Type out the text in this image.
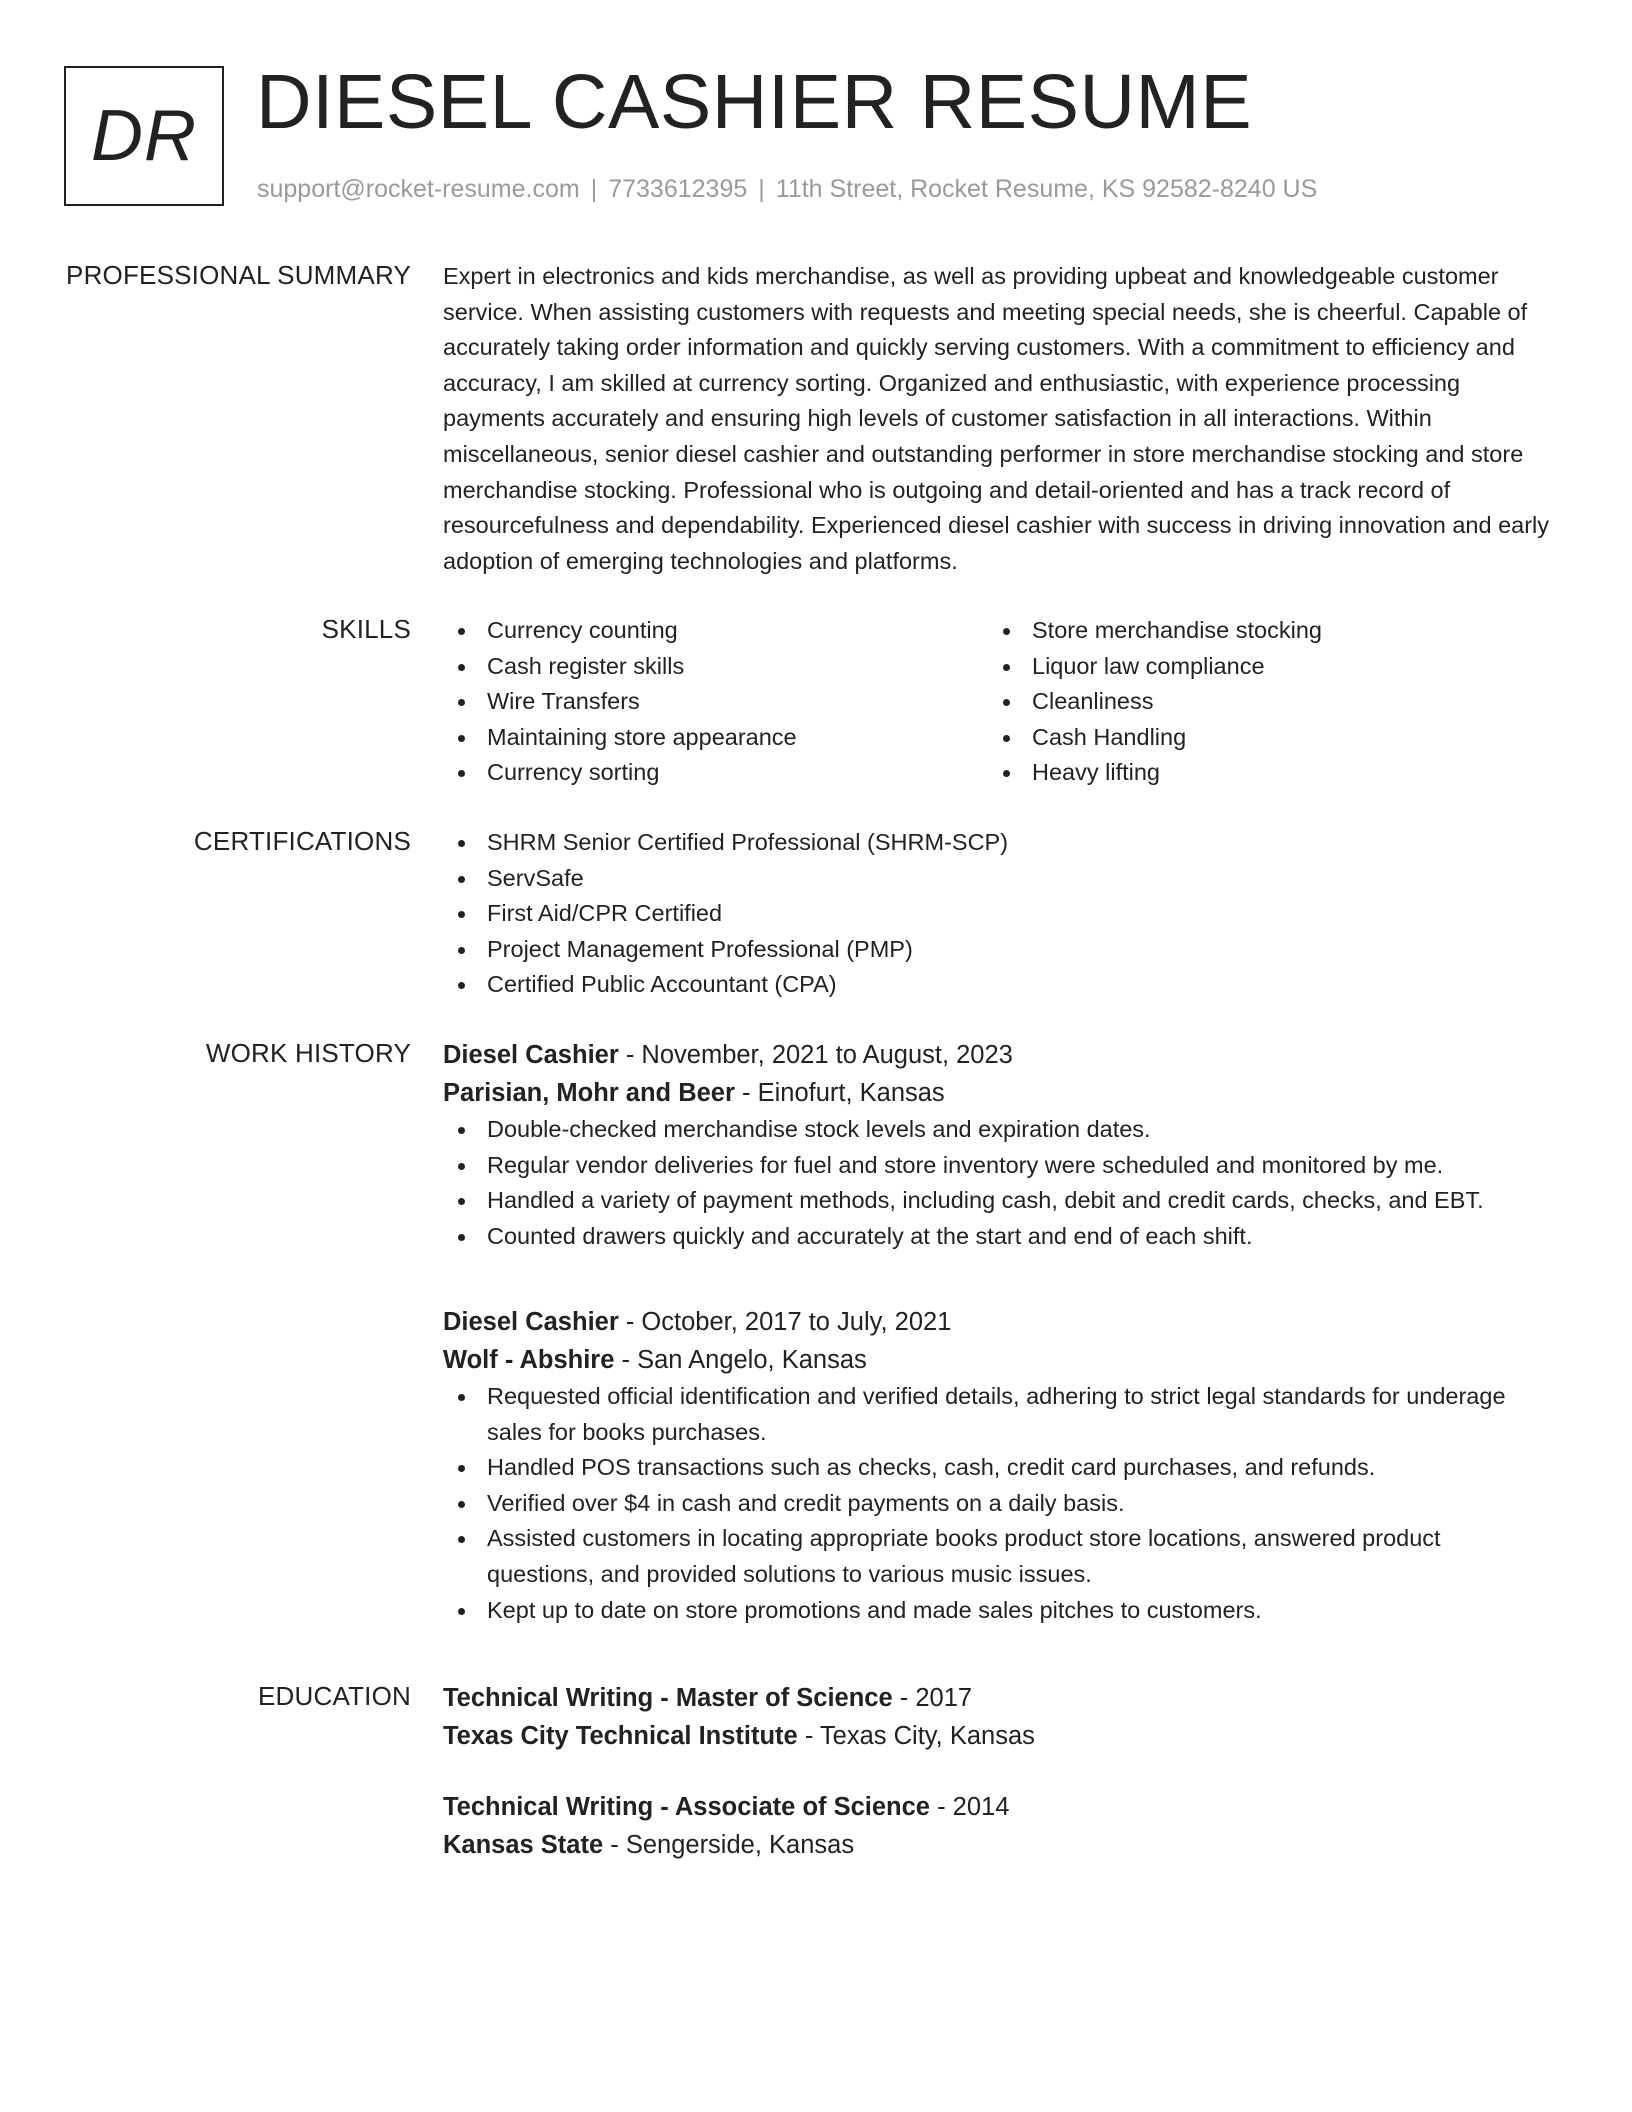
DR DIESEL CASHIER RESUME
support@rocket-resume.com | 7733612395 | 11th Street, Rocket Resume, KS 92582-8240 US
PROFESSIONAL SUMMARY Expert in electronics and kids merchandise, as well as providing upbeat and knowledgeable customer service. When assisting customers with requests and meeting special needs, she is cheerful. Capable of accurately taking order information and quickly serving customers. With a commitment to efficiency and accuracy, I am skilled at currency sorting. Organized and enthusiastic, with experience processing payments accurately and ensuring high levels of customer satisfaction in all interactions. Within miscellaneous, senior diesel cashier and outstanding performer in store merchandise stocking and store merchandise stocking. Professional who is outgoing and detail-oriented and has a track record of resourcefulness and dependability. Experienced diesel cashier with success in driving innovation and early adoption of emerging technologies and platforms.

SKILLS	Currency counting
Cash register skills
Wire Transfers
Maintaining store appearance
Currency sorting
Store merchandise stocking
Liquor law compliance
Cleanliness
Cash Handling
Heavy lifting
CERTIFICATIONS	SHRM Senior Certified Professional (SHRM-SCP)
ServSafe
First Aid/CPR Certified
Project Management Professional (PMP)
Certified Public Accountant (CPA)
WORK HISTORY Diesel Cashier - November, 2021 to August, 2023
Parisian, Mohr and Beer - Einofurt, Kansas
Double-checked merchandise stock levels and expiration dates.
Regular vendor deliveries for fuel and store inventory were scheduled and monitored by me.
Handled a variety of payment methods, including cash, debit and credit cards, checks, and EBT.
Counted drawers quickly and accurately at the start and end of each shift.
Diesel Cashier - October, 2017 to July, 2021
Wolf - Abshire - San Angelo, Kansas
Requested official identification and verified details, adhering to strict legal standards for underage sales for books purchases.
Handled POS transactions such as checks, cash, credit card purchases, and refunds.
Verified over $4 in cash and credit payments on a daily basis.
Assisted customers in locating appropriate books product store locations, answered product questions, and provided solutions to various music issues.
Kept up to date on store promotions and made sales pitches to customers.
EDUCATION Technical Writing - Master of Science - 2017
Texas City Technical Institute - Texas City, Kansas
Technical Writing - Associate of Science - 2014
Kansas State - Sengerside, Kansas
